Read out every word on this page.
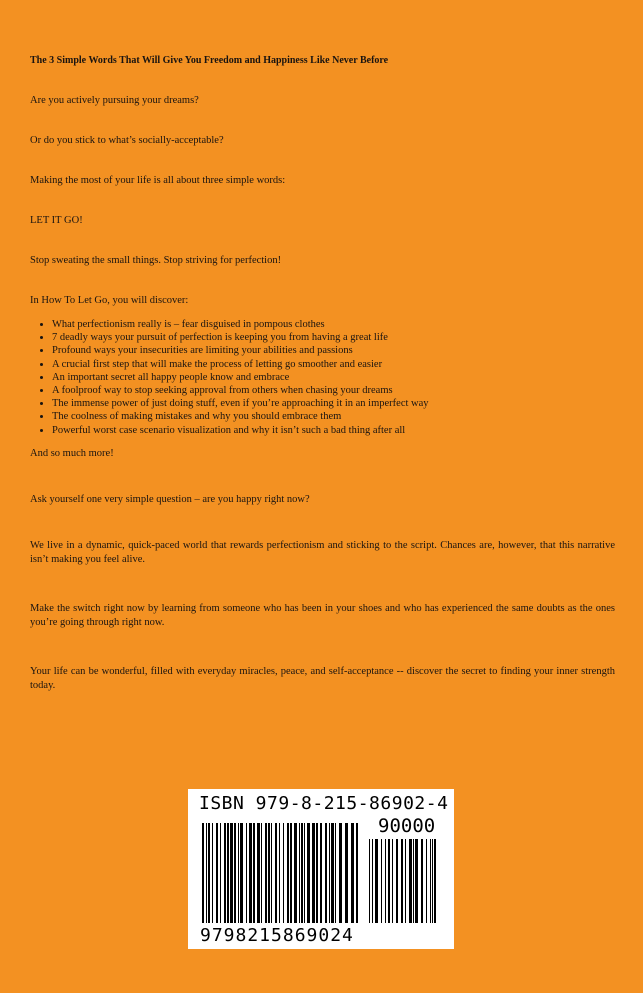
The 3 Simple Words That Will Give You Freedom and Happiness Like Never Before

Are you actively pursuing your dreams?

Or do you stick to what’s socially-acceptable?

Making the most of your life is all about three simple words:

LET IT GO!

Stop sweating the small things. Stop striving for perfection!

In How To Let Go, you will discover:

• What perfectionism really is – fear disguised in pompous clothes
• 7 deadly ways your pursuit of perfection is keeping you from having a great life
• Profound ways your insecurities are limiting your abilities and passions
• A crucial first step that will make the process of letting go smoother and easier
• An important secret all happy people know and embrace
• A foolproof way to stop seeking approval from others when chasing your dreams
• The immense power of just doing stuff, even if you’re approaching it in an imperfect way
• The coolness of making mistakes and why you should embrace them
• Powerful worst case scenario visualization and why it isn’t such a bad thing after all

And so much more!

Ask yourself one very simple question – are you happy right now?

We live in a dynamic, quick-paced world that rewards perfectionism and sticking to the script. Chances are, however, that this narrative isn’t making you feel alive.

Make the switch right now by learning from someone who has been in your shoes and who has experienced the same doubts as the ones you’re going through right now.

Your life can be wonderful, filled with everyday miracles, peace, and self-acceptance -- discover the secret to finding your inner strength today.

ISBN 979-8-215-86902-4
90000
9798215869024
